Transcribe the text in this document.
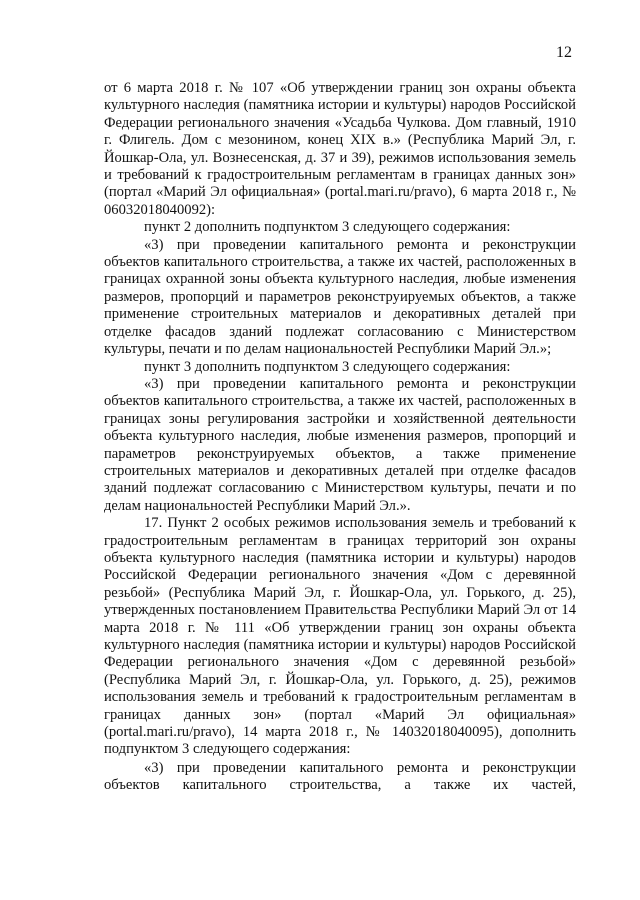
12

от 6 марта 2018 г. № 107 «Об утверждении границ зон охраны объекта культурного наследия (памятника истории и культуры) народов Российской Федерации регионального значения «Усадьба Чулкова. Дом главный, 1910 г. Флигель. Дом с мезонином, конец XIX в.» (Республика Марий Эл, г. Йошкар-Ола, ул. Вознесенская, д. 37 и 39), режимов использования земель и требований к градостроительным регламентам в границах данных зон» (портал «Марий Эл официальная» (portal.mari.ru/pravo), 6 марта 2018 г., № 06032018040092):

пункт 2 дополнить подпунктом 3 следующего содержания:

«3) при проведении капитального ремонта и реконструкции объектов капитального строительства, а также их частей, расположенных в границах охранной зоны объекта культурного наследия, любые изменения размеров, пропорций и параметров реконструируемых объектов, а также применение строительных материалов и декоративных деталей при отделке фасадов зданий подлежат согласованию с Министерством культуры, печати и по делам национальностей Республики Марий Эл.»;

пункт 3 дополнить подпунктом 3 следующего содержания:

«3) при проведении капитального ремонта и реконструкции объектов капитального строительства, а также их частей, расположенных в границах зоны регулирования застройки и хозяйственной деятельности объекта культурного наследия, любые изменения размеров, пропорций и параметров реконструируемых объектов, а также применение строительных материалов и декоративных деталей при отделке фасадов зданий подлежат согласованию с Министерством культуры, печати и по делам национальностей Республики Марий Эл.».

17. Пункт 2 особых режимов использования земель и требований к градостроительным регламентам в границах территорий зон охраны объекта культурного наследия (памятника истории и культуры) народов Российской Федерации регионального значения «Дом с деревянной резьбой» (Республика Марий Эл, г. Йошкар-Ола, ул. Горького, д. 25), утвержденных постановлением Правительства Республики Марий Эл от 14 марта 2018 г. № 111 «Об утверждении границ зон охраны объекта культурного наследия (памятника истории и культуры) народов Российской Федерации регионального значения «Дом с деревянной резьбой» (Республика Марий Эл, г. Йошкар-Ола, ул. Горького, д. 25), режимов использования земель и требований к градостроительным регламентам в границах данных зон» (портал «Марий Эл официальная» (portal.mari.ru/pravo), 14 марта 2018 г., № 14032018040095), дополнить подпунктом 3 следующего содержания:

«3) при проведении капитального ремонта и реконструкции объектов капитального строительства, а также их частей,
